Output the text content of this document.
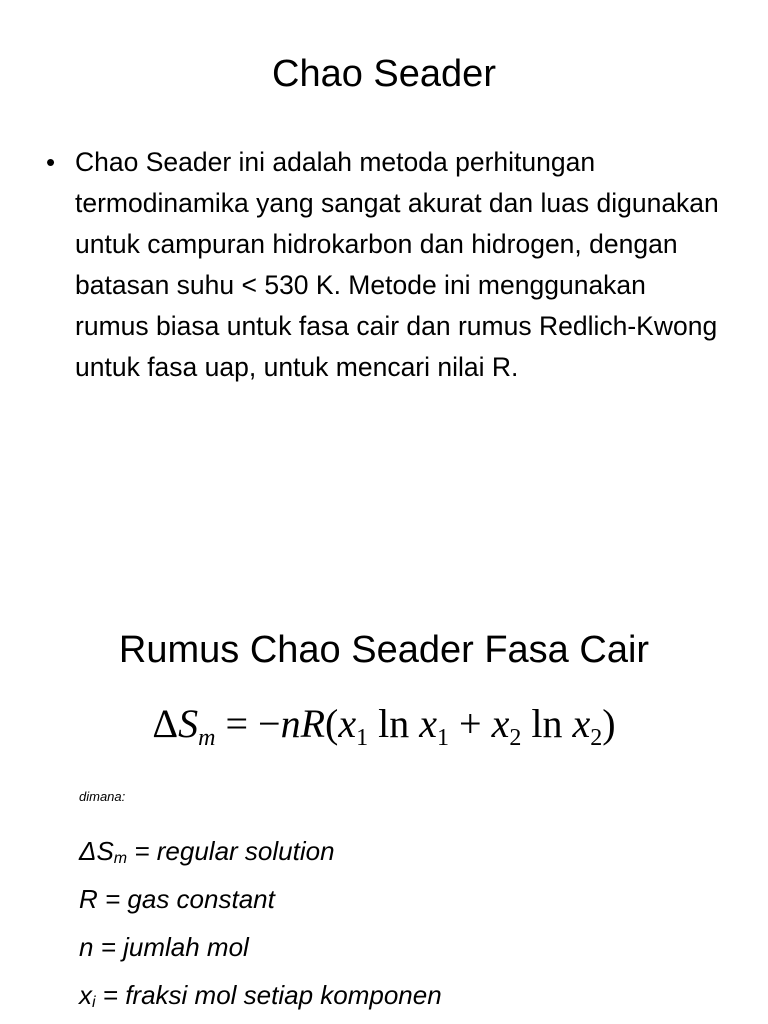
Chao Seader
• Chao Seader ini adalah metoda perhitungan termodinamika yang sangat akurat dan luas digunakan untuk campuran hidrokarbon dan hidrogen, dengan batasan suhu < 530 K. Metode ini menggunakan rumus biasa untuk fasa cair dan rumus Redlich-Kwong untuk fasa uap, untuk mencari nilai R.
Rumus Chao Seader Fasa Cair
$\Delta S_m = -nR(x_1$ $\ln x_1 + x_2$ $\ln x_2$)
dimana:
ΔSm = regular solution
R = gas constant
n = jumlah mol
xi = fraksi mol setiap komponen
